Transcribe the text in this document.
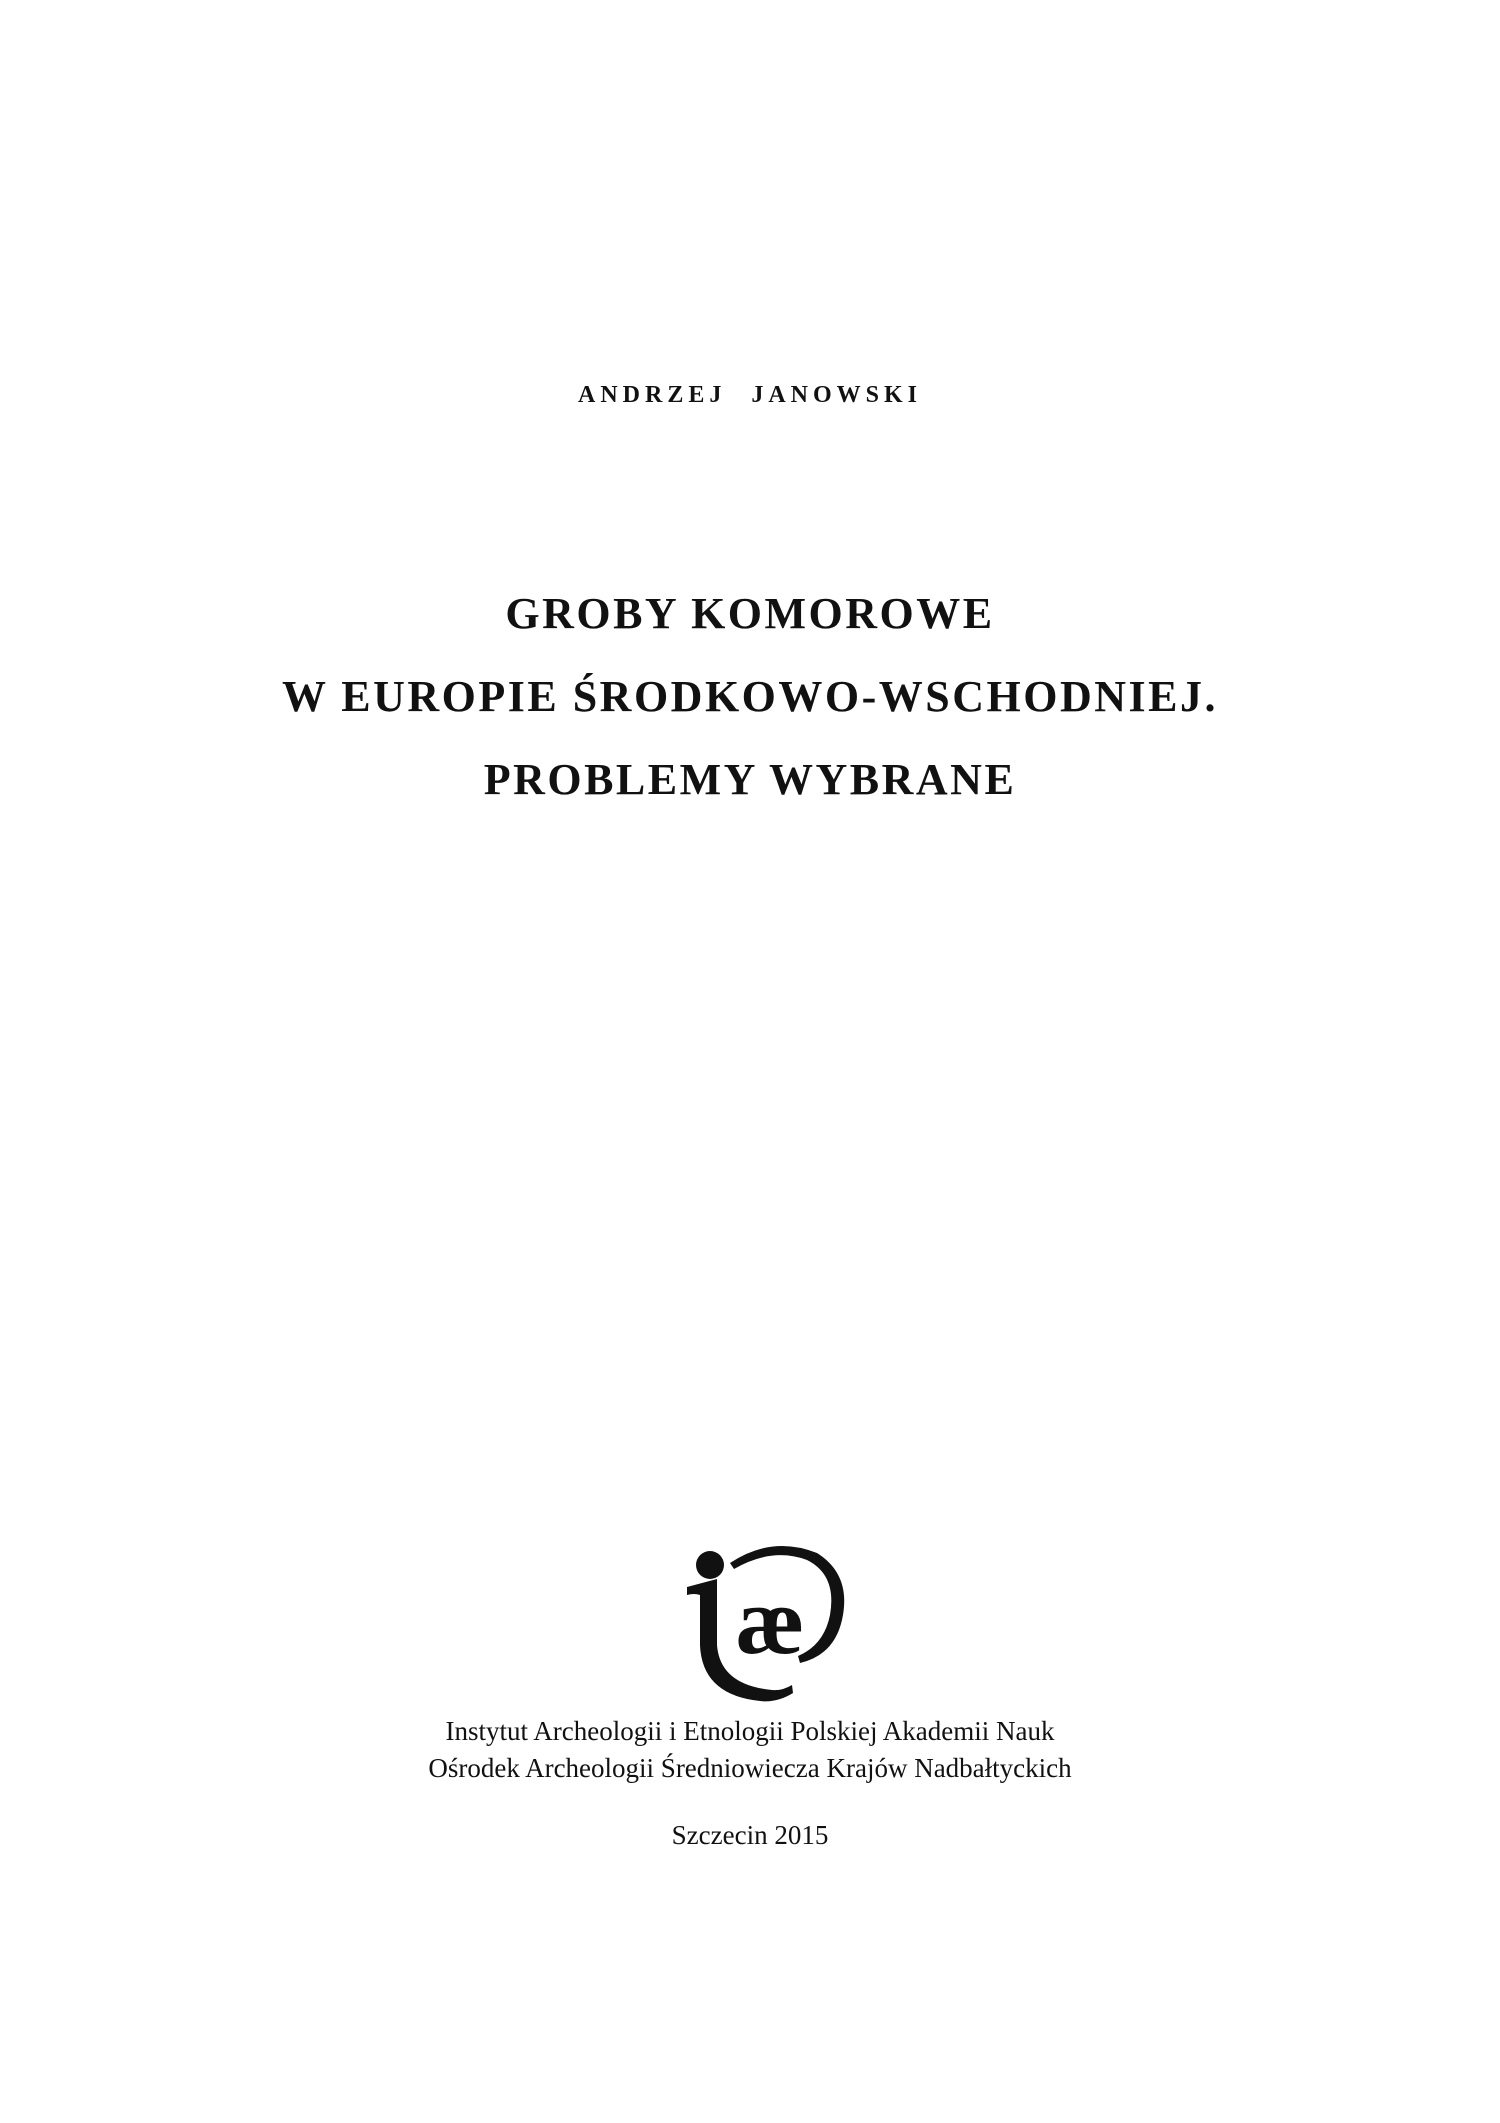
ANDRZEJ JANOWSKI
GROBY KOMOROWE
W EUROPIE ŚRODKOWO-WSCHODNIEJ.
PROBLEMY WYBRANE
æ
Instytut Archeologii i Etnologii Polskiej Akademii Nauk
Ośrodek Archeologii Średniowiecza Krajów Nadbałtyckich
Szczecin 2015
